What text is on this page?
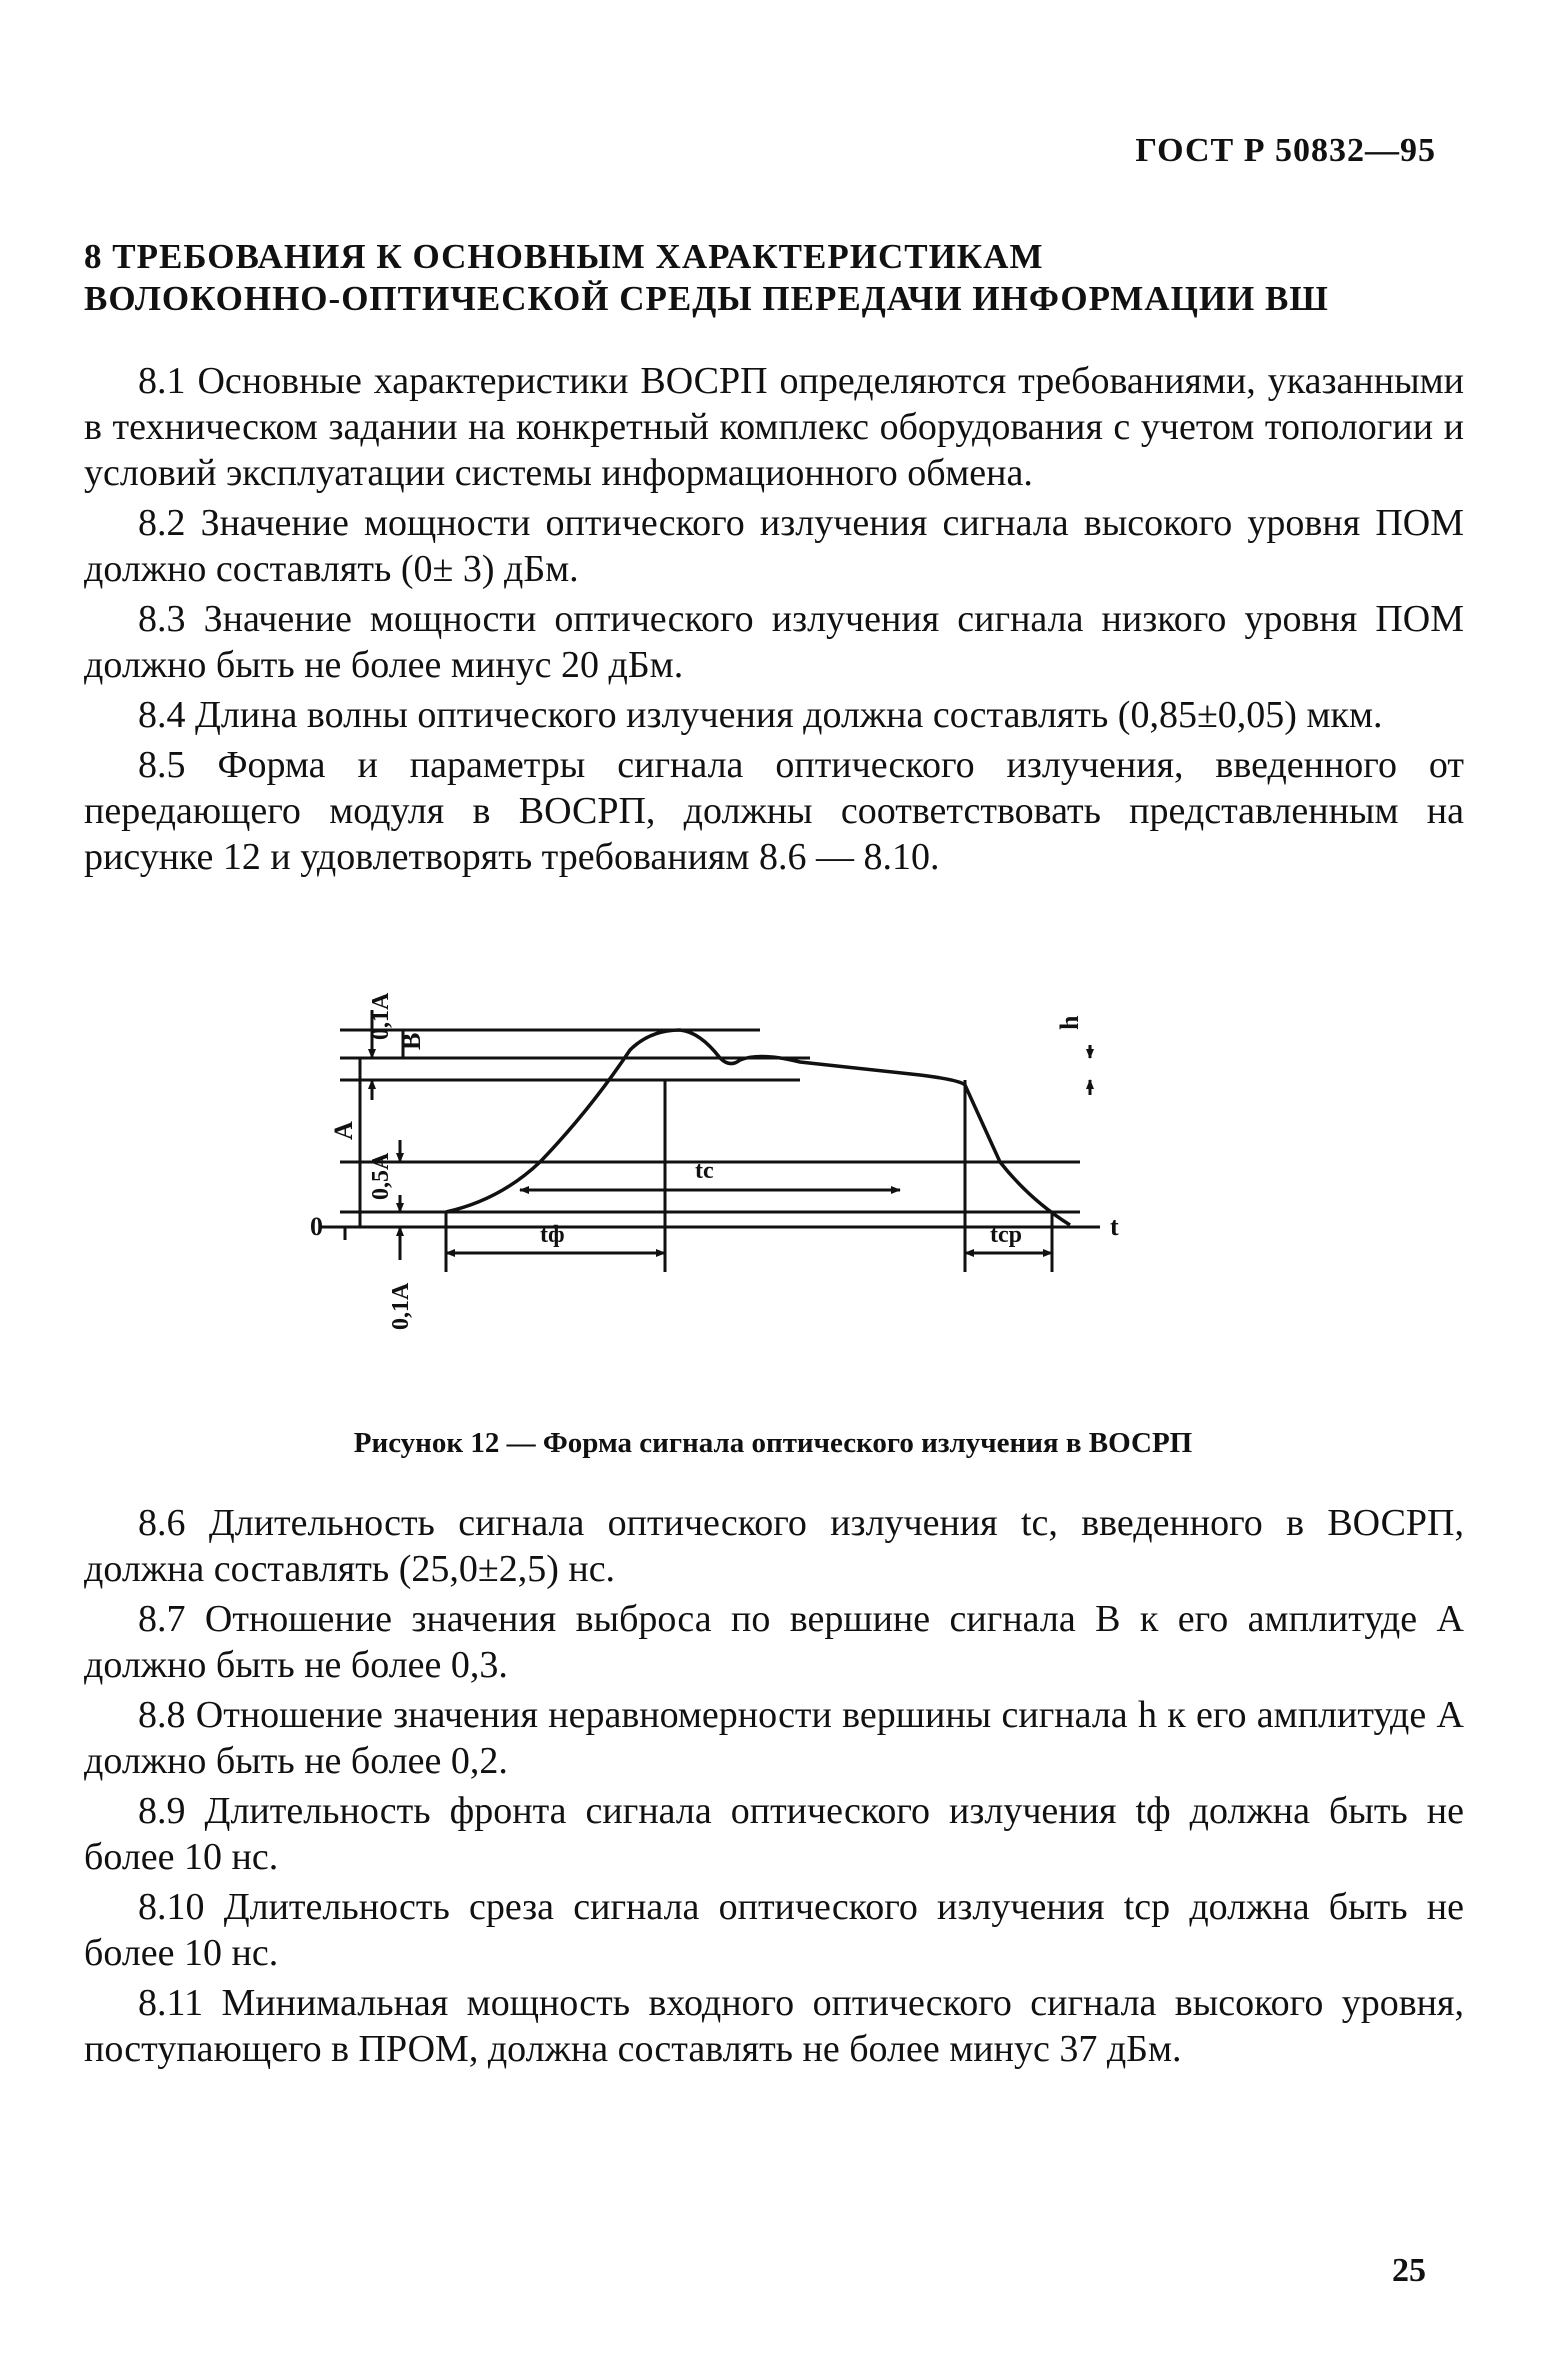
ГОСТ Р 50832—95
8 ТРЕБОВАНИЯ К ОСНОВНЫМ ХАРАКТЕРИСТИКАМ
ВОЛОКОННО-ОПТИЧЕСКОЙ СРЕДЫ ПЕРЕДАЧИ ИНФОРМАЦИИ ВШ

8.1 Основные характеристики ВОСРП определяются требованиями, указанными в техническом задании на конкретный комплекс оборудования с учетом топологии и условий эксплуатации системы информационного обмена.

8.2 Значение мощности оптического излучения сигнала высокого уровня ПОМ должно составлять (0± 3) дБм.

8.3 Значение мощности оптического излучения сигнала низкого уровня ПОМ должно быть не более минус 20 дБм.

8.4 Длина волны оптического излучения должна составлять (0,85±0,05) мкм.

8.5 Форма и параметры сигнала оптического излучения, введенного от передающего модуля в ВОСРП, должны соответствовать представленным на рисунке 12 и удовлетворять требованиям 8.6 — 8.10.

0	t
A
0,1A
B
h
0,5A
0,1A
tc
tф	tср
Рисунок 12 — Форма сигнала оптического излучения в ВОСРП

8.6 Длительность сигнала оптического излучения tc, введенного в ВОСРП, должна составлять (25,0±2,5) нс.

8.7 Отношение значения выброса по вершине сигнала B к его амплитуде A должно быть не более 0,3.

8.8 Отношение значения неравномерности вершины сигнала h к его амплитуде A должно быть не более 0,2.

8.9 Длительность фронта сигнала оптического излучения tф должна быть не более 10 нс.

8.10 Длительность среза сигнала оптического излучения tср должна быть не более 10 нс.

8.11 Минимальная мощность входного оптического сигнала высокого уровня, поступающего в ПРОМ, должна составлять не более минус 37 дБм.

25
